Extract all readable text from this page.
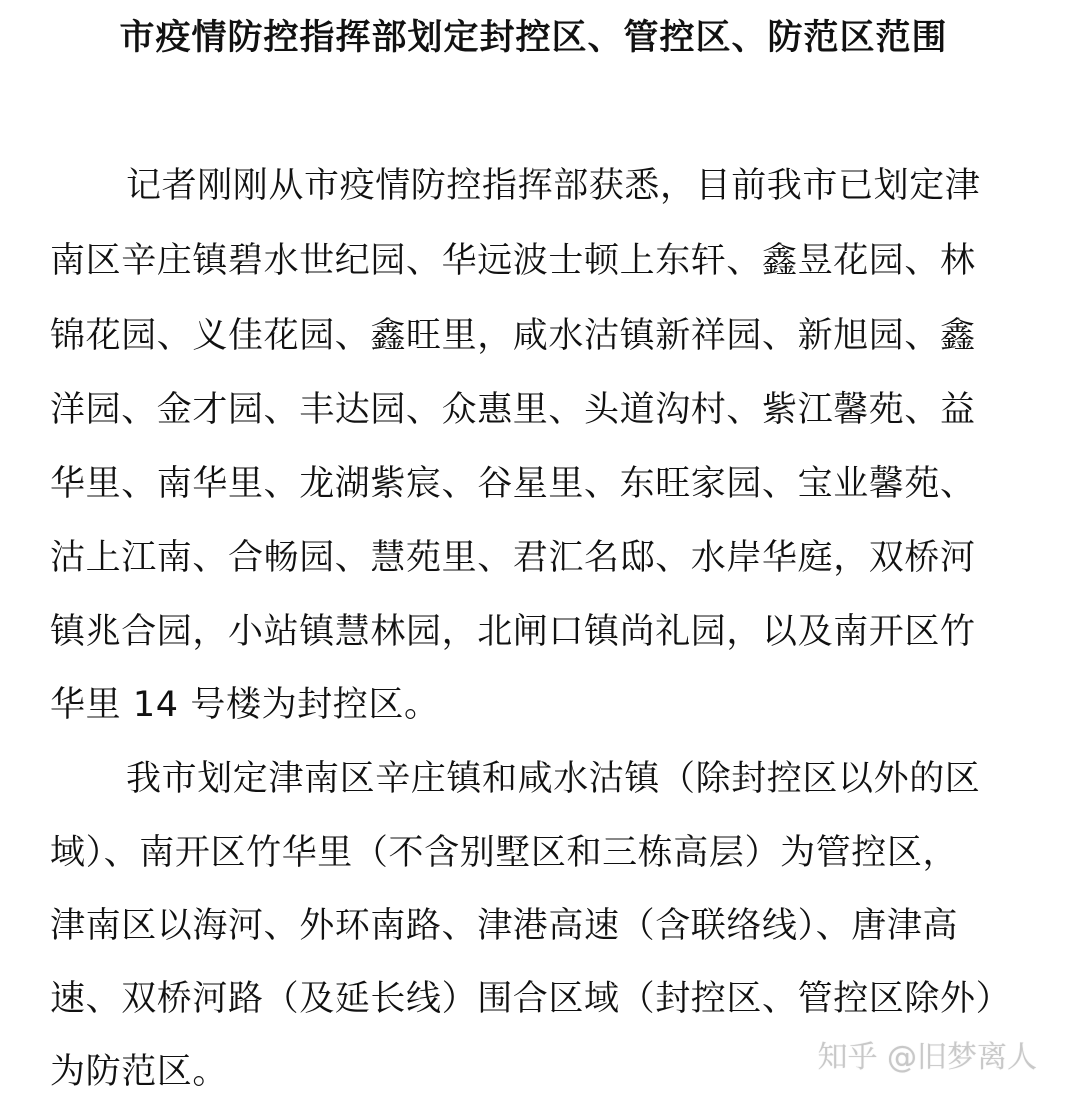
市疫情防控指挥部划定封控区、管控区、防范区范围
记者刚刚从市疫情防控指挥部获悉，目前我市已划定津
南区辛庄镇碧水世纪园、华远波士顿上东轩、鑫昱花园、林
锦花园、义佳花园、鑫旺里，咸水沽镇新祥园、新旭园、鑫
洋园、金才园、丰达园、众惠里、头道沟村、紫江馨苑、益
华里、南华里、龙湖紫宸、谷星里、东旺家园、宝业馨苑、
沽上江南、合畅园、慧苑里、君汇名邸、水岸华庭，双桥河
镇兆合园，小站镇慧林园，北闸口镇尚礼园，以及南开区竹
华里 14 号楼为封控区。
我市划定津南区辛庄镇和咸水沽镇（除封控区以外的区
域）、南开区竹华里（不含别墅区和三栋高层）为管控区，
津南区以海河、外环南路、津港高速（含联络线）、唐津高
速、双桥河路（及延长线）围合区域（封控区、管控区除外）
为防范区。	知乎 @旧梦离人
